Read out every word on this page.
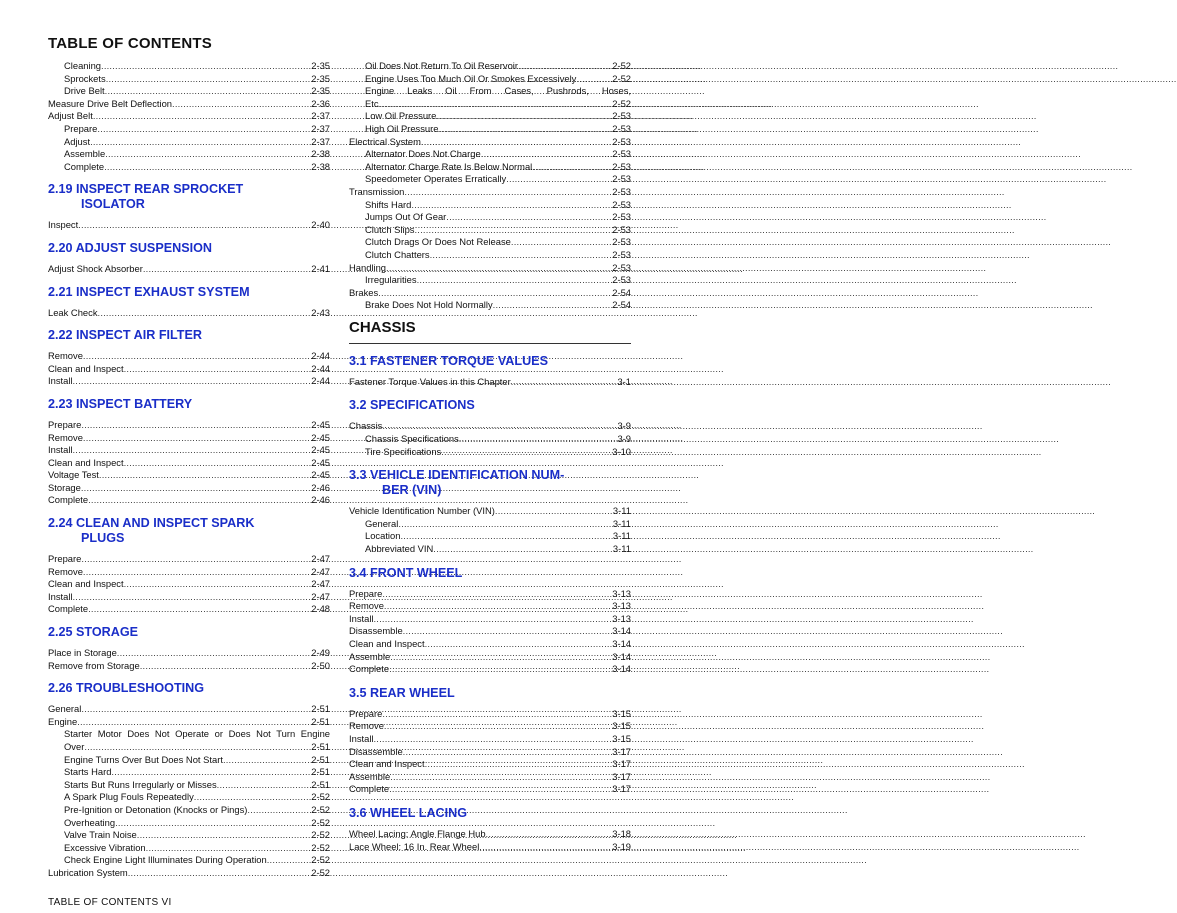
TABLE OF CONTENTS
Cleaning .....	2-35
Sprockets .....	2-35
Drive Belt .....	2-35
Measure Drive Belt Deflection .....	2-36
Adjust Belt .....	2-37
Prepare .....	2-37
Adjust .....	2-37
Assemble .....	2-38
Complete .....	2-38
2.19 INSPECT REAR SPROCKET
ISOLATOR
Inspect .....	2-40
2.20 ADJUST SUSPENSION
Adjust Shock Absorber .....	2-41
2.21 INSPECT EXHAUST SYSTEM
Leak Check .....	2-43
2.22 INSPECT AIR FILTER
Remove .....	2-44
Clean and Inspect .....	2-44
Install .....	2-44
2.23 INSPECT BATTERY
Prepare .....	2-45
Remove .....	2-45
Install .....	2-45
Clean and Inspect .....	2-45
Voltage Test .....	2-45
Storage .....	2-46
Complete .....	2-46
2.24 CLEAN AND INSPECT SPARK
PLUGS
Prepare .....	2-47
Remove .....	2-47
Clean and Inspect .....	2-47
Install .....	2-47
Complete .....	2-48
2.25 STORAGE
Place in Storage .....	2-49
Remove from Storage .....	2-50
2.26 TROUBLESHOOTING
General .....	2-51
Engine .....	2-51
Starter Motor Does Not Operate or Does Not Turn Engine
Over .....	2-51
Engine Turns Over But Does Not Start .....	2-51
Starts Hard .....	2-51
Starts But Runs Irregularly or Misses .....	2-51
A Spark Plug Fouls Repeatedly .....	2-52
Pre-Ignition or Detonation (Knocks or Pings) .....	2-52
Overheating .....	2-52
Valve Train Noise .....	2-52
Excessive Vibration .....	2-52
Check Engine Light Illuminates During Operation .....	2-52
Lubrication System .....	2-52
Oil Does Not Return To Oil Reservoir .....	2-52
Engine Uses Too Much Oil Or Smokes Excessively .....	2-52
Engine Leaks Oil From Cases, Pushrods, Hoses,
Etc .....	2-52
Low Oil Pressure .....	2-53
High Oil Pressure .....	2-53
Electrical System .....	2-53
Alternator Does Not Charge .....	2-53
Alternator Charge Rate Is Below Normal .....	2-53
Speedometer Operates Erratically .....	2-53
Transmission .....	2-53
Shifts Hard .....	2-53
Jumps Out Of Gear .....	2-53
Clutch Slips .....	2-53
Clutch Drags Or Does Not Release .....	2-53
Clutch Chatters .....	2-53
Handling .....	2-53
Irregularities .....	2-53
Brakes .....	2-54
Brake Does Not Hold Normally .....	2-54
CHASSIS
3.1 FASTENER TORQUE VALUES
Fastener Torque Values in this Chapter .....	3-1
3.2 SPECIFICATIONS
Chassis .....	3-9
Chassis Specifications .....	3-9
Tire Specifications .....	3-10
3.3 VEHICLE IDENTIFICATION NUM-
BER (VIN)
Vehicle Identification Number (VIN) .....	3-11
General .....	3-11
Location .....	3-11
Abbreviated VIN .....	3-11
3.4 FRONT WHEEL
Prepare .....	3-13
Remove .....	3-13
Install .....	3-13
Disassemble .....	3-14
Clean and Inspect .....	3-14
Assemble .....	3-14
Complete .....	3-14
3.5 REAR WHEEL
Prepare .....	3-15
Remove .....	3-15
Install .....	3-15
Disassemble .....	3-17
Clean and Inspect .....	3-17
Assemble .....	3-17
Complete .....	3-17
3.6 WHEEL LACING
Wheel Lacing: Angle Flange Hub .....	3-18
Lace Wheel: 16 In. Rear Wheel .....	3-19
TABLE OF CONTENTS VI
